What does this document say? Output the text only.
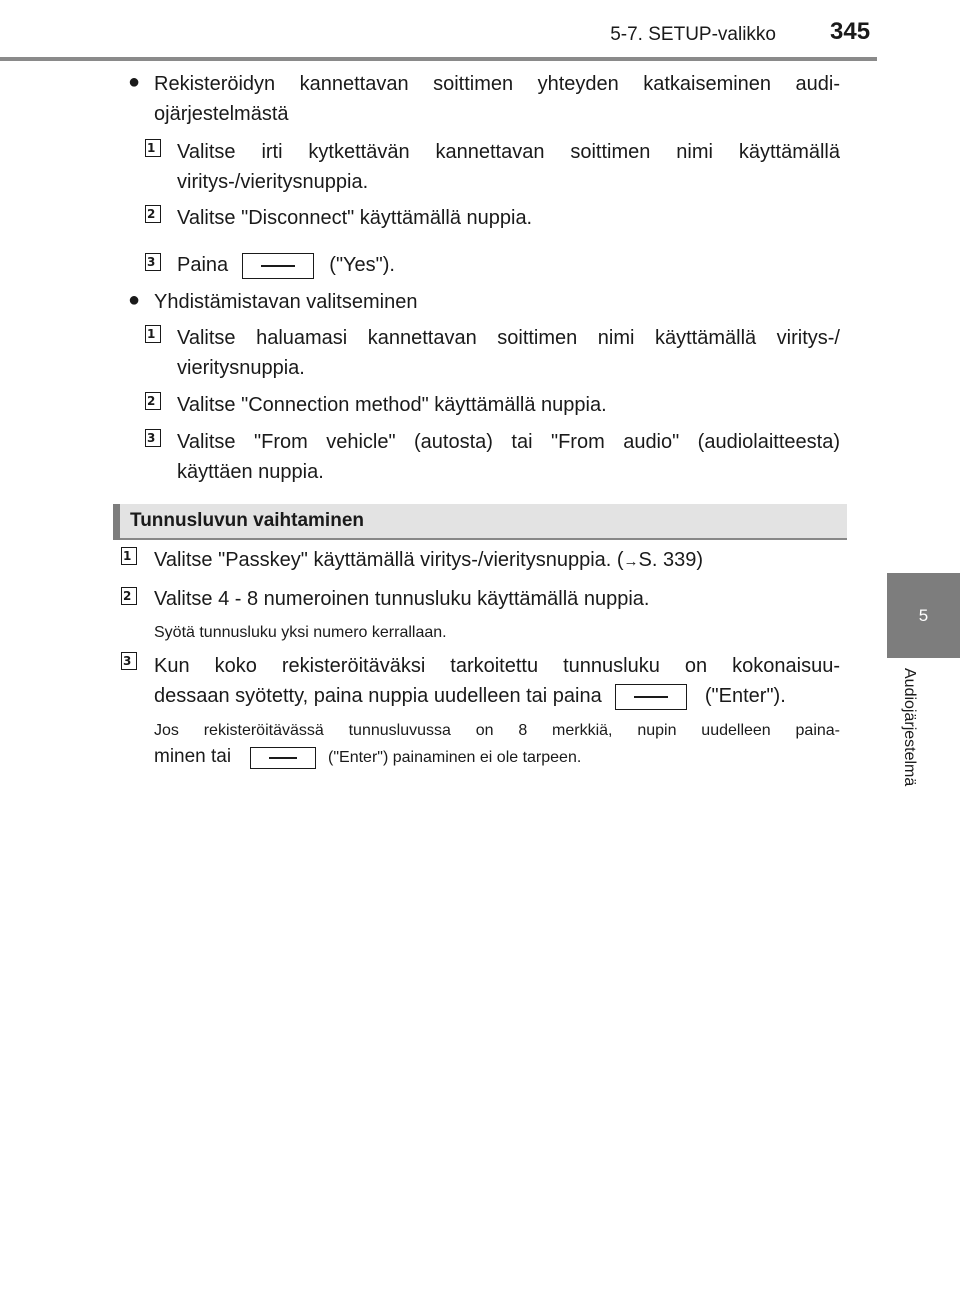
5-7. SETUP-valikko 345
5
Audiojärjestelmä
● Rekisteröidyn kannettavan soittimen yhteyden katkaiseminen audi-
ojärjestelmästä
1 Valitse irti kytkettävän kannettavan soittimen nimi käyttämällä
viritys-/vieritysnuppia.
2 Valitse "Disconnect" käyttämällä nuppia.
3 Paina	("Yes").
● Yhdistämistavan valitseminen
1 Valitse haluamasi kannettavan soittimen nimi käyttämällä viritys-/
vieritysnuppia.
2 Valitse "Connection method" käyttämällä nuppia.
3 Valitse "From vehicle" (autosta) tai "From audio" (audiolaitteesta)
käyttäen nuppia.
Tunnusluvun vaihtaminen
1 Valitse "Passkey" käyttämällä viritys-/vieritysnuppia. (→S. 339)
2 Valitse 4 - 8 numeroinen tunnusluku käyttämällä nuppia.
Syötä tunnusluku yksi numero kerrallaan.
3 Kun koko rekisteröitäväksi tarkoitettu tunnusluku on kokonaisuu-
dessaan syötetty, paina nuppia uudelleen tai paina	("Enter").
Jos rekisteröitävässä tunnusluvussa on 8 merkkiä, nupin uudelleen paina-
minen tai	("Enter") painaminen ei ole tarpeen.
